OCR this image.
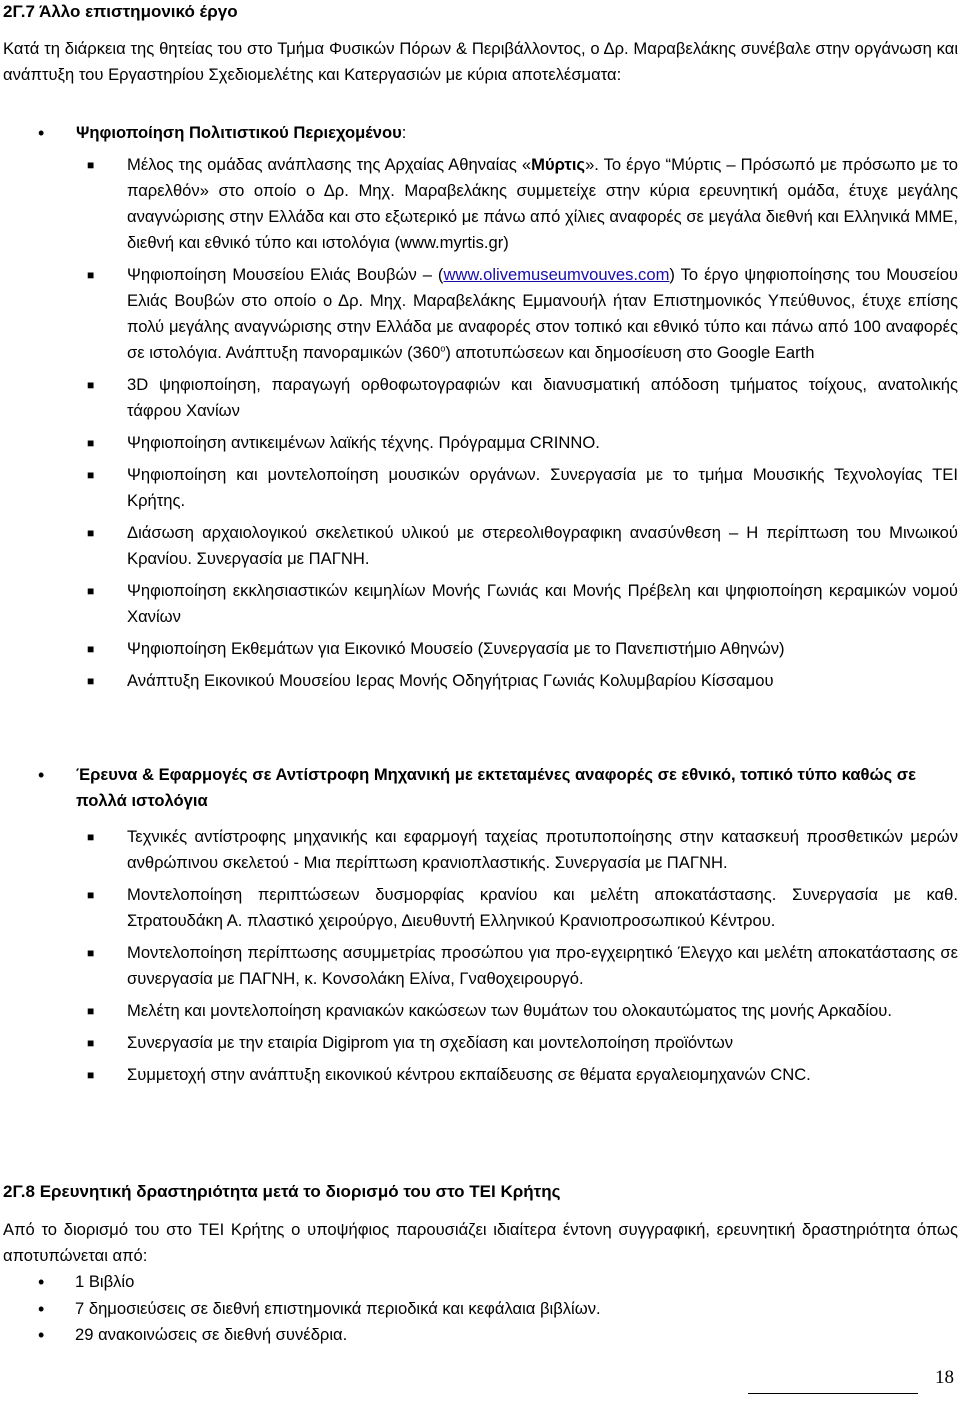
2Γ.7 Άλλο επιστημονικό έργο

Κατά τη διάρκεια της θητείας του στο Τμήμα Φυσικών Πόρων & Περιβάλλοντος, ο Δρ. Μαραβελάκης συνέβαλε στην οργάνωση και ανάπτυξη του Εργαστηρίου Σχεδιομελέτης και Κατεργασιών με κύρια αποτελέσματα:

•	Ψηφιοποίηση Πολιτιστικού Περιεχομένου:
■	Μέλος της ομάδας ανάπλασης της Αρχαίας Αθηναίας «Μύρτις». Το έργο “Μύρτις – Πρόσωπό με πρόσωπο με το παρελθόν» στο οποίο ο Δρ. Μηχ. Μαραβελάκης συμμετείχε στην κύρια ερευνητική ομάδα, έτυχε μεγάλης αναγνώρισης στην Ελλάδα και στο εξωτερικό με πάνω από χίλιες αναφορές σε μεγάλα διεθνή και Ελληνικά ΜΜΕ, διεθνή και εθνικό τύπο και ιστολόγια (www.myrtis.gr)
■	Ψηφιοποίηση Μουσείου Ελιάς Βουβών – (www.olivemuseumvouves.com) Το έργο ψηφιοποίησης του Μουσείου Ελιάς Βουβών στο οποίο ο Δρ. Μηχ. Μαραβελάκης Εμμανουήλ ήταν Επιστημονικός Υπεύθυνος, έτυχε επίσης πολύ μεγάλης αναγνώρισης στην Ελλάδα με αναφορές στον τοπικό και εθνικό τύπο και πάνω από 100 αναφορές σε ιστολόγια. Ανάπτυξη πανοραμικών $(360^o)$ αποτυπώσεων και δημοσίευση στο Google Earth
■	3D ψηφιοποίηση, παραγωγή ορθοφωτογραφιών και διανυσματική απόδοση τμήματος τοίχους, ανατολικής τάφρου Χανίων
■	Ψηφιοποίηση αντικειμένων λαϊκής τέχνης. Πρόγραμμα CRINNO.
■	Ψηφιοποίηση και μοντελοποίηση μουσικών οργάνων. Συνεργασία με το τμήμα Μουσικής Τεχνολογίας ΤΕΙ Κρήτης.
■	Διάσωση αρχαιολογικού σκελετικού υλικού με στερεολιθογραφικη ανασύνθεση – Η περίπτωση του Μινωικού Κρανίου. Συνεργασία με ΠΑΓΝΗ.
■	Ψηφιοποίηση εκκλησιαστικών κειμηλίων Μονής Γωνιάς και Μονής Πρέβελη και ψηφιοποίηση κεραμικών νομού Χανίων
■	Ψηφιοποίηση Εκθεμάτων για Εικονικό Μουσείο (Συνεργασία με το Πανεπιστήμιο Αθηνών)
■	Ανάπτυξη Εικονικού Μουσείου Ιερας Μονής Οδηγήτριας Γωνιάς Κολυμβαρίου Κίσσαμου
•	Έρευνα & Εφαρμογές σε Αντίστροφη Μηχανική με εκτεταμένες αναφορές σε εθνικό, τοπικό τύπο καθώς σε πολλά ιστολόγια
■	Τεχνικές αντίστροφης μηχανικής και εφαρμογή ταχείας προτυποποίησης στην κατασκευή προσθετικών μερών ανθρώπινου σκελετού - Μια περίπτωση κρανιοπλαστικής. Συνεργασία με ΠΑΓΝΗ.
■	Μοντελοποίηση περιπτώσεων δυσμορφίας κρανίου και μελέτη αποκατάστασης. Συνεργασία με καθ. Στρατουδάκη Α. πλαστικό χειρούργο, Διευθυντή Ελληνικού Κρανιοπροσωπικού Κέντρου.
■	Μοντελοποίηση περίπτωσης ασυμμετρίας προσώπου για προ-εγχειρητικό Έλεγχο και μελέτη αποκατάστασης σε συνεργασία με ΠΑΓΝΗ, κ. Κονσολάκη Ελίνα, Γναθοχειρουργό.
■	Μελέτη και μοντελοποίηση κρανιακών κακώσεων των θυμάτων του ολοκαυτώματος της μονής Αρκαδίου.
■	Συνεργασία με την εταιρία Digiprom για τη σχεδίαση και μοντελοποίηση προϊόντων
■	Συμμετοχή στην ανάπτυξη εικονικού κέντρου εκπαίδευσης σε θέματα εργαλειομηχανών CNC.
2Γ.8 Ερευνητική δραστηριότητα μετά το διορισμό του στο ΤΕΙ Κρήτης

Από το διορισμό του στο ΤΕΙ Κρήτης ο υποψήφιος παρουσιάζει ιδιαίτερα έντονη συγγραφική, ερευνητική δραστηριότητα όπως αποτυπώνεται από:

•	1 Βιβλίο
•	7 δημοσιεύσεις σε διεθνή επιστημονικά περιοδικά και κεφάλαια βιβλίων.
•	29 ανακοινώσεις σε διεθνή συνέδρια.
18
